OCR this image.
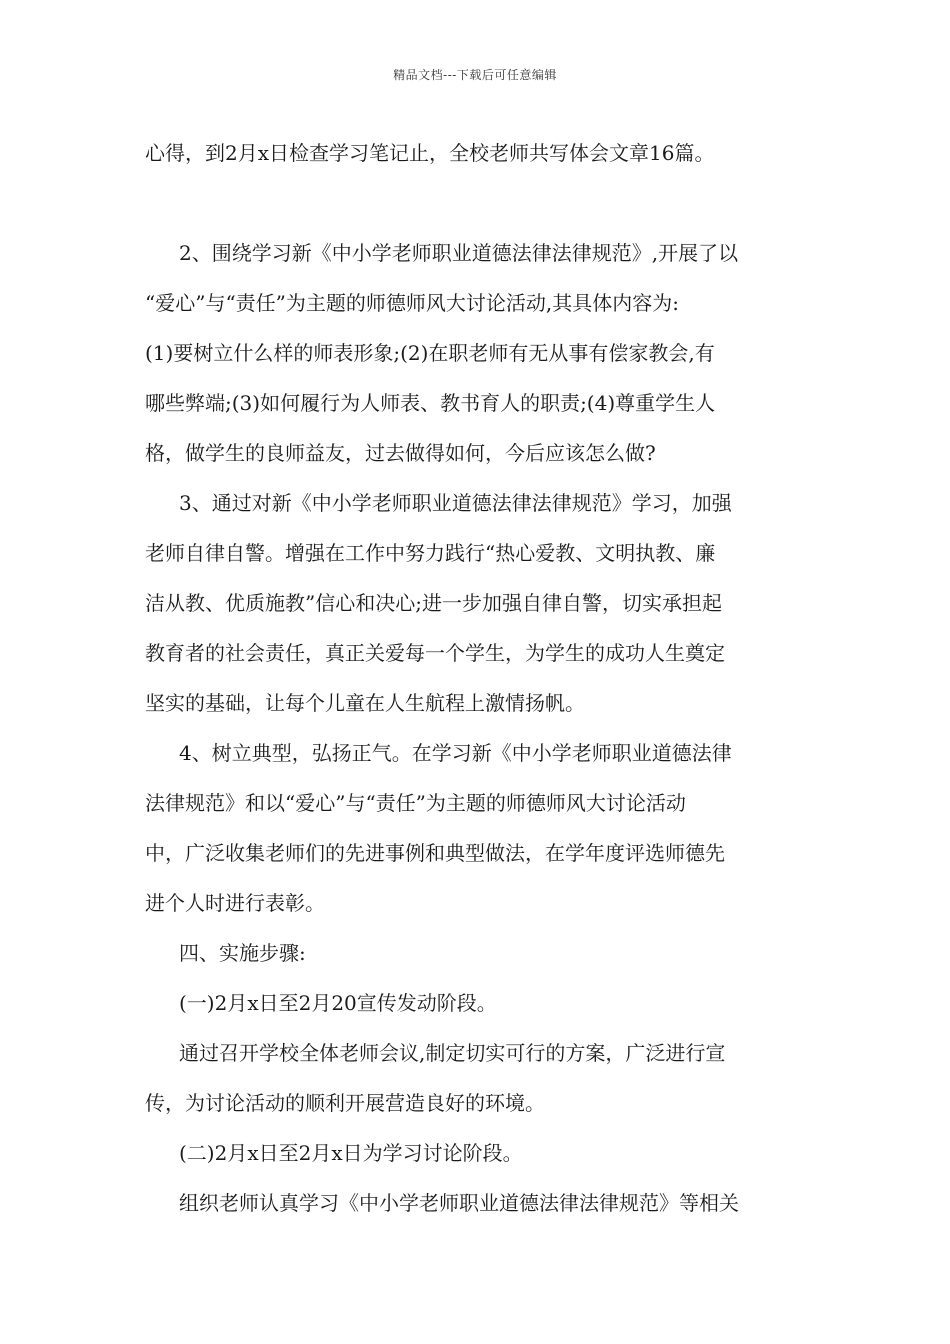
精品文档---下载后可任意编辑
心得，到2月x日检查学习笔记止，全校老师共写体会文章16篇。
2、围绕学习新《中小学老师职业道德法律法律规范》,开展了以
“爱心”与“责任”为主题的师德师风大讨论活动,其具体内容为:
(1)要树立什么样的师表形象;(2)在职老师有无从事有偿家教会,有
哪些弊端;(3)如何履行为人师表、教书育人的职责;(4)尊重学生人
格，做学生的良师益友，过去做得如何，今后应该怎么做?
3、通过对新《中小学老师职业道德法律法律规范》学习，加强
老师自律自警。增强在工作中努力践行“热心爱教、文明执教、廉
洁从教、优质施教”信心和决心;进一步加强自律自警，切实承担起
教育者的社会责任，真正关爱每一个学生，为学生的成功人生奠定
坚实的基础，让每个儿童在人生航程上激情扬帆。
4、树立典型，弘扬正气。在学习新《中小学老师职业道德法律
法律规范》和以“爱心”与“责任”为主题的师德师风大讨论活动
中，广泛收集老师们的先进事例和典型做法，在学年度评选师德先
进个人时进行表彰。
四、实施步骤:
(一)2月x日至2月20宣传发动阶段。
通过召开学校全体老师会议,制定切实可行的方案，广泛进行宣
传，为讨论活动的顺利开展营造良好的环境。
(二)2月x日至2月x日为学习讨论阶段。
组织老师认真学习《中小学老师职业道德法律法律规范》等相关
